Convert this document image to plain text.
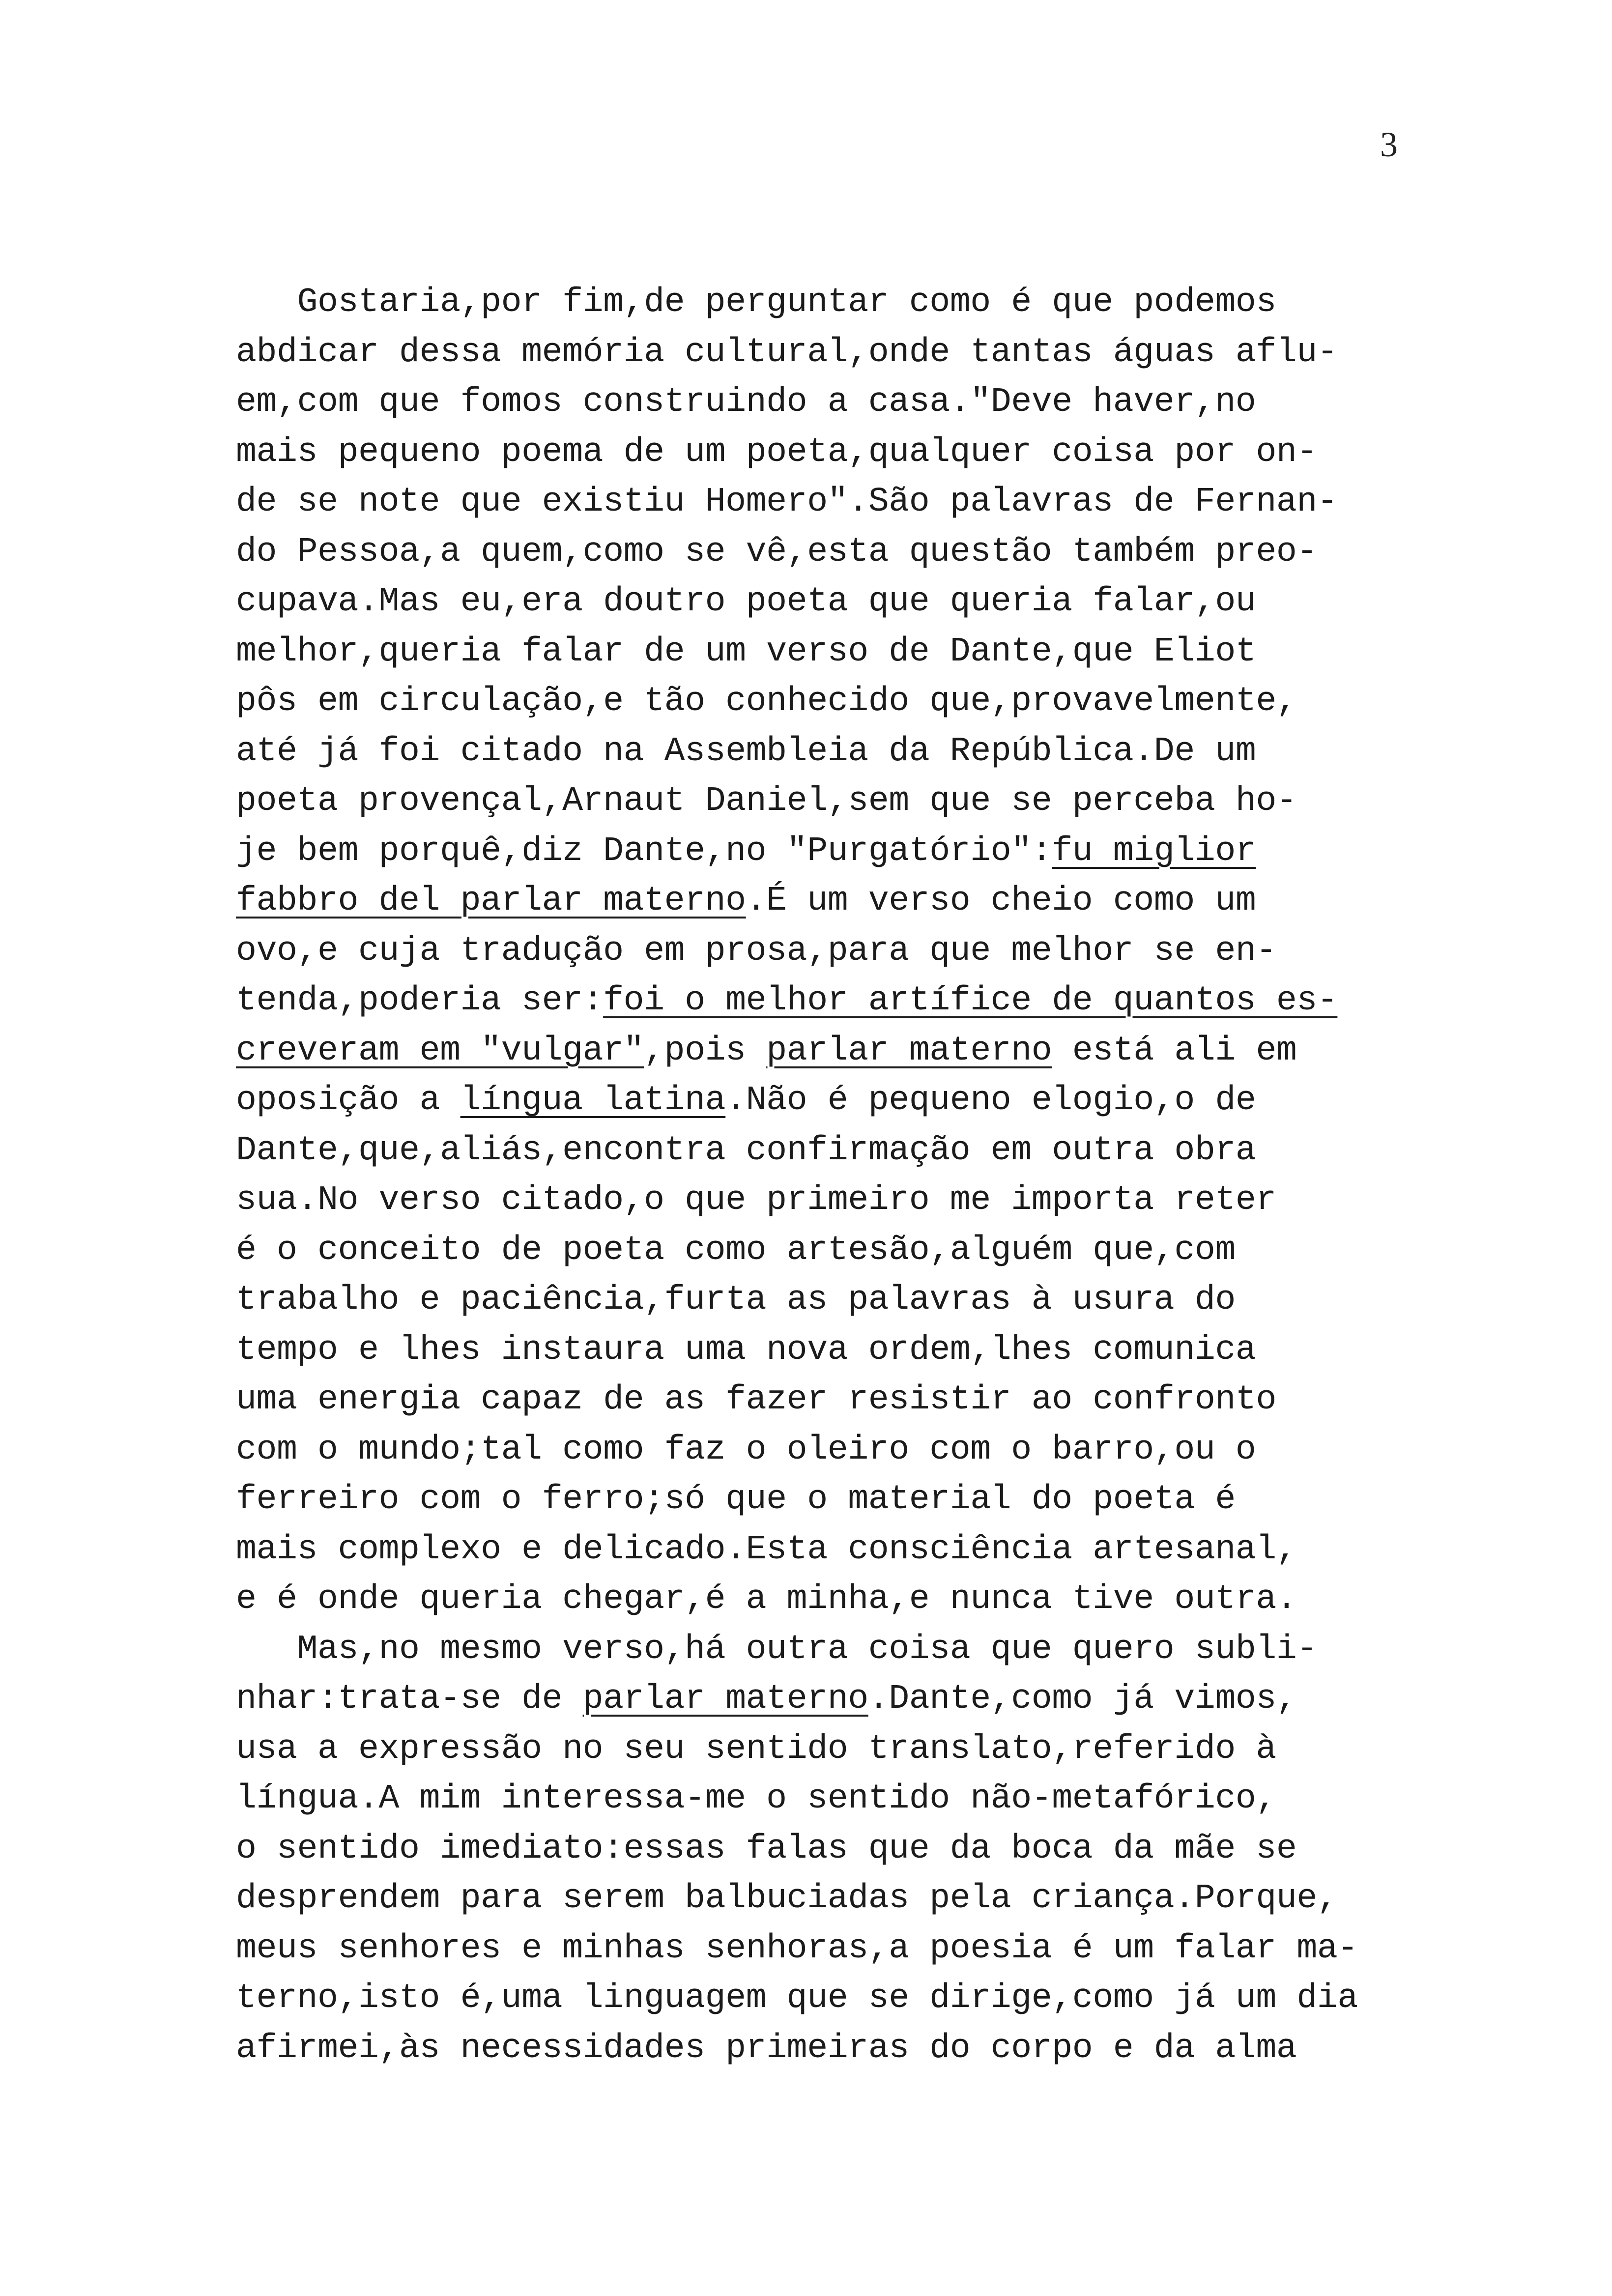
3
Gostaria,por fim,de perguntar como é que podemos
abdicar dessa memória cultural,onde tantas águas aflu-
em,com que fomos construindo a casa."Deve haver,no
mais pequeno poema de um poeta,qualquer coisa por on-
de se note que existiu Homero".São palavras de Fernan-
do Pessoa,a quem,como se vê,esta questão também preo-
cupava.Mas eu,era doutro poeta que queria falar,ou
melhor,queria falar de um verso de Dante,que Eliot
pôs em circulação,e tão conhecido que,provavelmente,
até já foi citado na Assembleia da República.De um
poeta provençal,Arnaut Daniel,sem que se perceba ho-
je bem porquê,diz Dante,no "Purgatório":fu miglior
fabbro del parlar materno.É um verso cheio como um
ovo,e cuja tradução em prosa,para que melhor se en-
tenda,poderia ser:foi o melhor artífice de quantos es-
creveram em "vulgar",pois parlar materno está ali em
oposição a língua latina.Não é pequeno elogio,o de
Dante,que,aliás,encontra confirmação em outra obra
sua.No verso citado,o que primeiro me importa reter
é o conceito de poeta como artesão,alguém que,com
trabalho e paciência,furta as palavras à usura do
tempo e lhes instaura uma nova ordem,lhes comunica
uma energia capaz de as fazer resistir ao confronto
com o mundo;tal como faz o oleiro com o barro,ou o
ferreiro com o ferro;só que o material do poeta é
mais complexo e delicado.Esta consciência artesanal,
e é onde queria chegar,é a minha,e nunca tive outra.
Mas,no mesmo verso,há outra coisa que quero subli-
nhar:trata-se de parlar materno.Dante,como já vimos,
usa a expressão no seu sentido translato,referido à
língua.A mim interessa-me o sentido não-metafórico,
o sentido imediato:essas falas que da boca da mãe se
desprendem para serem balbuciadas pela criança.Porque,
meus senhores e minhas senhoras,a poesia é um falar ma-
terno,isto é,uma linguagem que se dirige,como já um dia
afirmei,às necessidades primeiras do corpo e da alma
